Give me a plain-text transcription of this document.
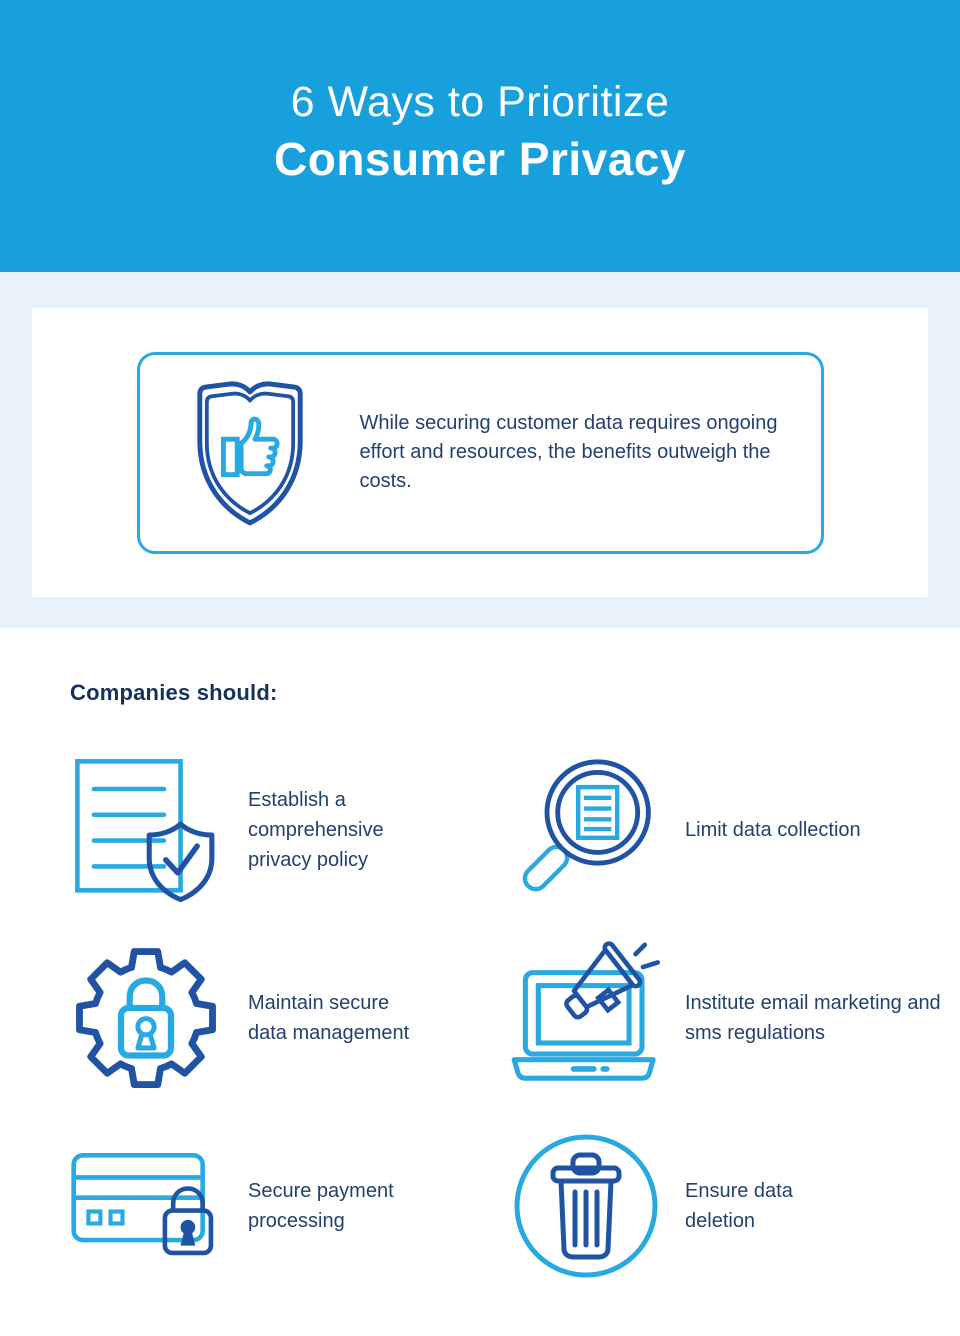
6 Ways to Prioritize
Consumer Privacy
While securing customer data requires ongoing effort and resources, the benefits outweigh the costs.
Companies should:
Establish a comprehensive privacy policy
Limit data collection
Maintain secure data management
Institute email marketing and sms regulations
Secure payment processing
Ensure data deletion
